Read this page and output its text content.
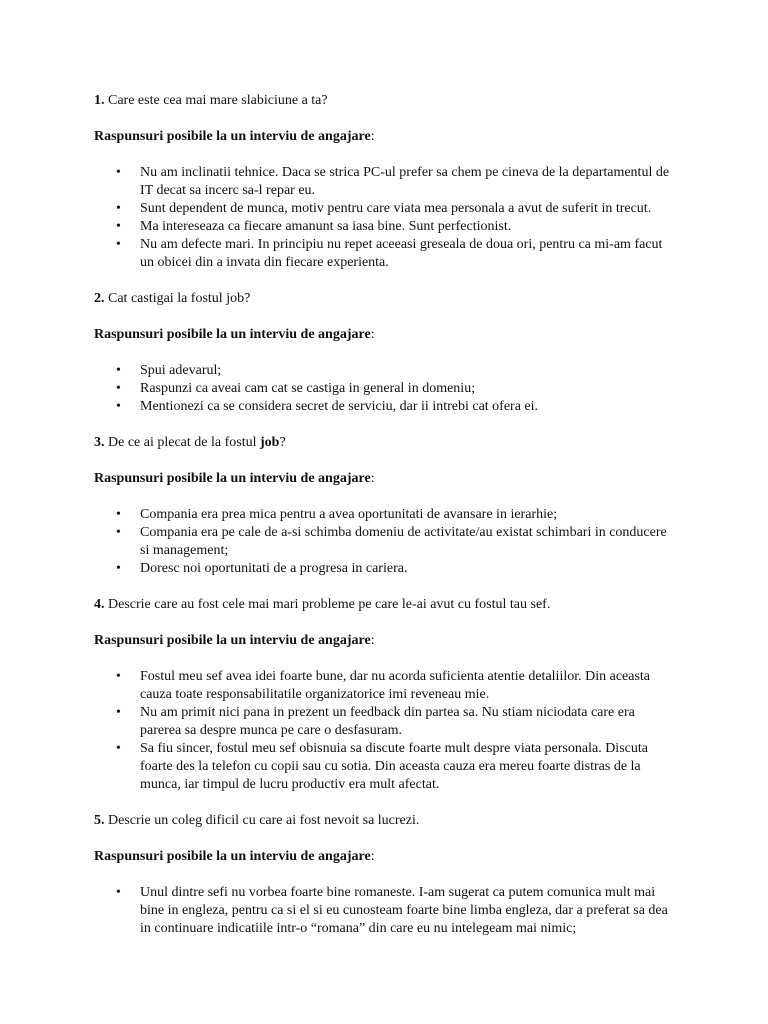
1. Care este cea mai mare slabiciune a ta?

Raspunsuri posibile la un interviu de angajare:

• Nu am inclinatii tehnice. Daca se strica PC-ul prefer sa chem pe cineva de la departamentul de IT decat sa incerc sa-l repar eu.
• Sunt dependent de munca, motiv pentru care viata mea personala a avut de suferit in trecut.
• Ma intereseaza ca fiecare amanunt sa iasa bine. Sunt perfectionist.
• Nu am defecte mari. In principiu nu repet aceeasi greseala de doua ori, pentru ca mi-am facut un obicei din a invata din fiecare experienta.

2. Cat castigai la fostul job?

Raspunsuri posibile la un interviu de angajare:

• Spui adevarul;
• Raspunzi ca aveai cam cat se castiga in general in domeniu;
• Mentionezi ca se considera secret de serviciu, dar ii intrebi cat ofera ei.

3. De ce ai plecat de la fostul job?

Raspunsuri posibile la un interviu de angajare:

• Compania era prea mica pentru a avea oportunitati de avansare in ierarhie;
• Compania era pe cale de a-si schimba domeniu de activitate/au existat schimbari in conducere si management;
• Doresc noi oportunitati de a progresa in cariera.

4. Descrie care au fost cele mai mari probleme pe care le-ai avut cu fostul tau sef.

Raspunsuri posibile la un interviu de angajare:

• Fostul meu sef avea idei foarte bune, dar nu acorda suficienta atentie detaliilor. Din aceasta cauza toate responsabilitatile organizatorice imi reveneau mie.
• Nu am primit nici pana in prezent un feedback din partea sa. Nu stiam niciodata care era parerea sa despre munca pe care o desfasuram.
• Sa fiu sincer, fostul meu sef obisnuia sa discute foarte mult despre viata personala. Discuta foarte des la telefon cu copii sau cu sotia. Din aceasta cauza era mereu foarte distras de la munca, iar timpul de lucru productiv era mult afectat.

5. Descrie un coleg dificil cu care ai fost nevoit sa lucrezi.

Raspunsuri posibile la un interviu de angajare:

• Unul dintre sefi nu vorbea foarte bine romaneste. I-am sugerat ca putem comunica mult mai bine in engleza, pentru ca si el si eu cunosteam foarte bine limba engleza, dar a preferat sa dea in continuare indicatiile intr-o “romana” din care eu nu intelegeam mai nimic;
